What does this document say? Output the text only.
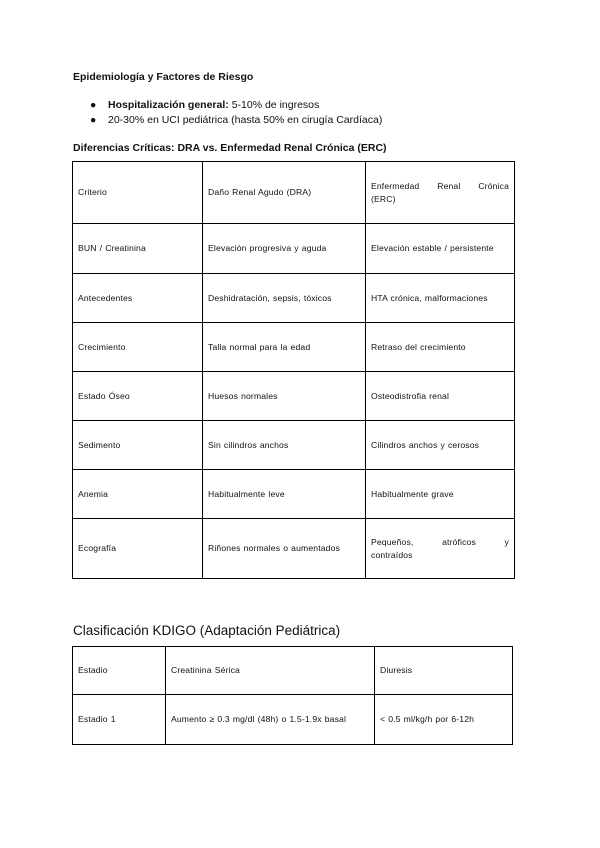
Epidemiología y Factores de Riesgo
● Hospitalización general: 5-10% de ingresos
● 20-30% en UCI pediátrica (hasta 50% en cirugía Cardíaca)
Diferencias Críticas: DRA vs. Enfermedad Renal Crónica (ERC)
Criterio	Daño Renal Agudo (DRA)	Enfermedad Renal Crónica
(ERC)

BUN / Creatinina	Elevación progresiva y aguda	Elevación estable / persistente
Antecedentes	Deshidratación, sepsis, tóxicos	HTA crónica, malformaciones
Crecimiento	Talla normal para la edad	Retraso del crecimiento
Estado Óseo	Huesos normales	Osteodistrofia renal
Sedimento	Sin cilindros anchos	Cilindros anchos y cerosos
Anemia	Habitualmente leve	Habitualmente grave
Ecografía	Riñones normales o aumentados	Pequeños, atróficos y
contraídos
Clasificación KDIGO (Adaptación Pediátrica)
Estadio	Creatinina Sérica	Diuresis
Estadio 1	Aumento ≥ 0.3 mg/dl (48h) o 1.5-1.9x basal	< 0.5 ml/kg/h por 6-12h
